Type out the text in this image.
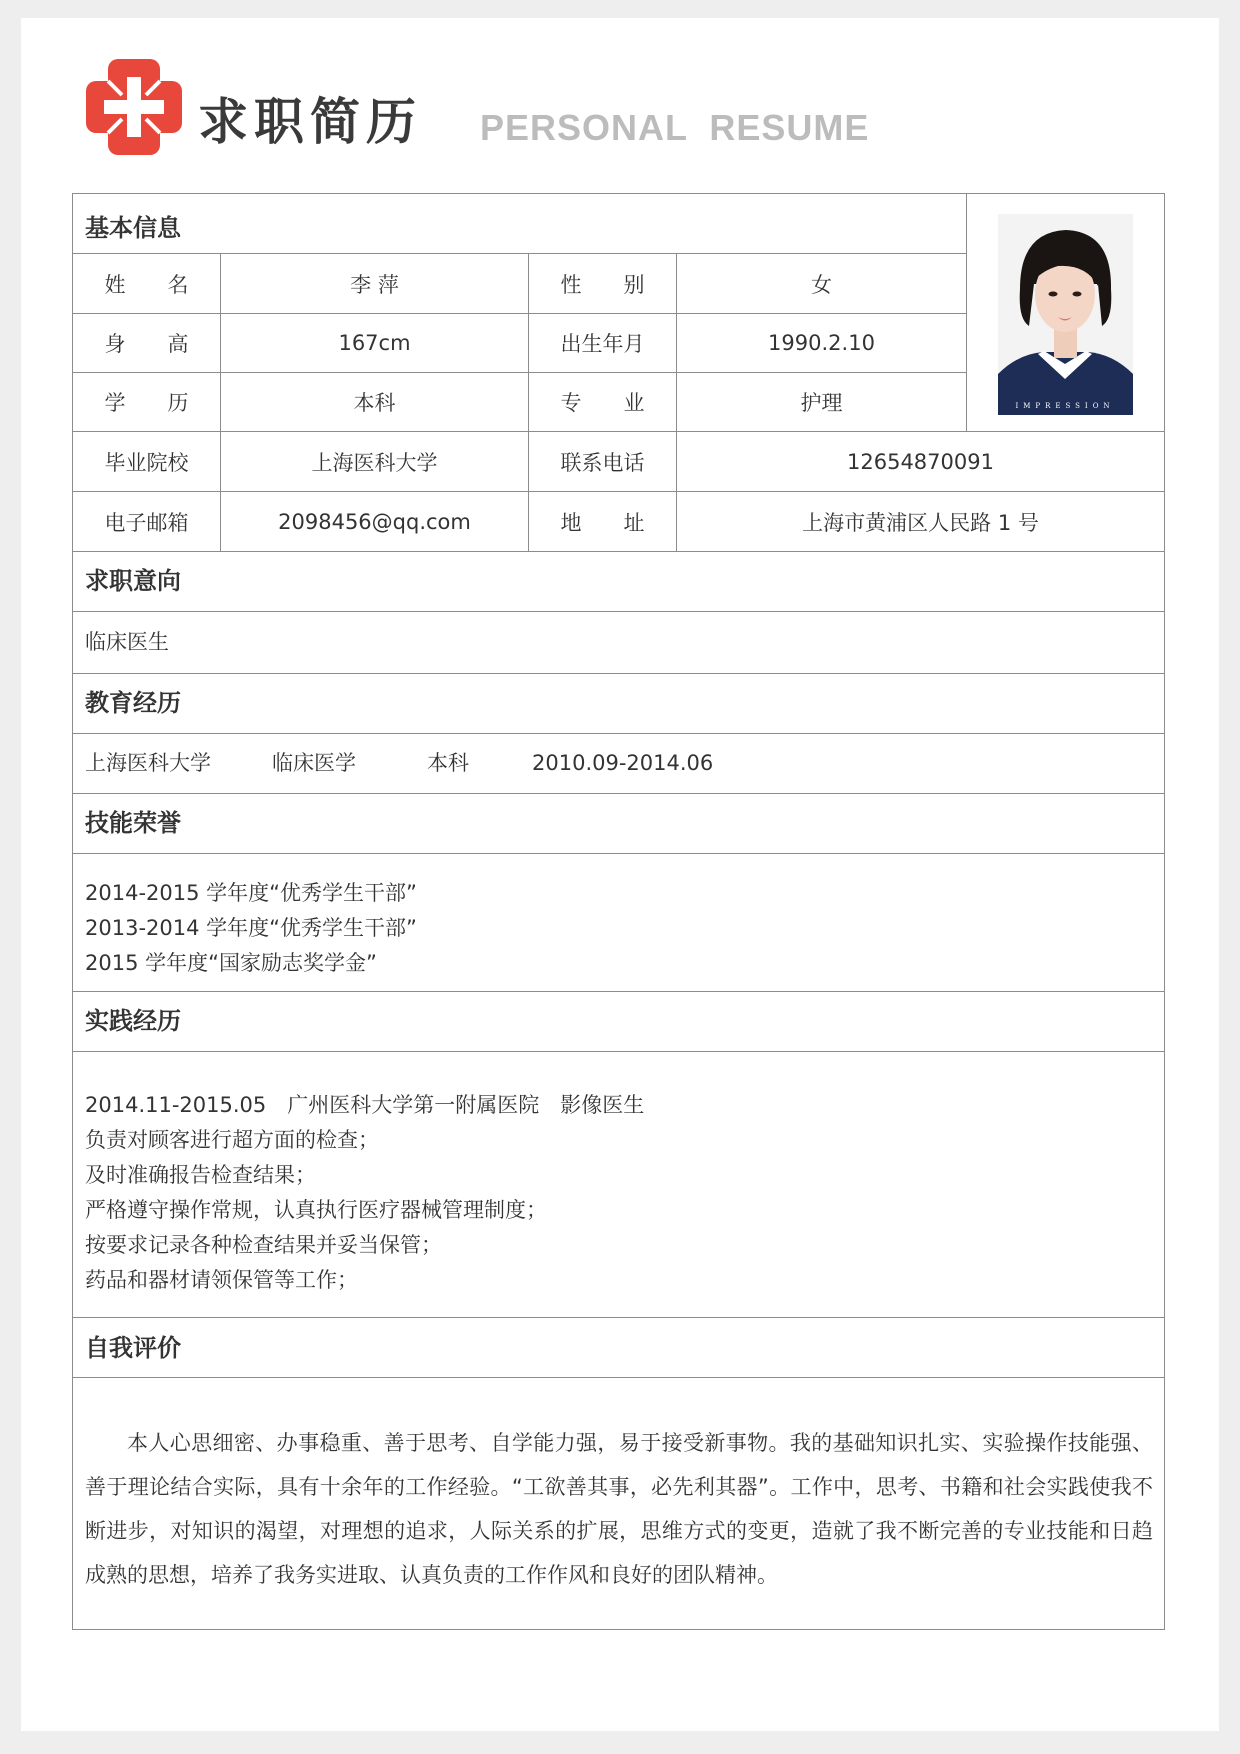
求职简历 PERSONAL  RESUME
基本信息
姓　　名	李 萍	性　　别	女
身　　高	167cm	出生年月	1990.2.10
学　　历	本科	专　　业	护理
毕业院校	上海医科大学	联系电话	12654870091
电子邮箱	2098456@qq.com	地　　址	上海市黄浦区人民路 1 号
IMPRESSION
求职意向
临床医生
教育经历
上海医科大学	临床医学	本科	2010.09-2014.06
技能荣誉
2014-2015 学年度“优秀学生干部”
2013-2014 学年度“优秀学生干部”
2015 学年度“国家励志奖学金”
实践经历
2014.11-2015.05　广州医科大学第一附属医院　影像医生
负责对顾客进行超方面的检查；
及时准确报告检查结果；
严格遵守操作常规，认真执行医疗器械管理制度；
按要求记录各种检查结果并妥当保管；
药品和器材请领保管等工作；
自我评价
本人心思细密、办事稳重、善于思考、自学能力强，易于接受新事物。我的基础知识扎实、实验操作技能强、善于理论结合实际，具有十余年的工作经验。“工欲善其事，必先利其器”。工作中，思考、书籍和社会实践使我不断进步，对知识的渴望，对理想的追求，人际关系的扩展，思维方式的变更，造就了我不断完善的专业技能和日趋成熟的思想，培养了我务实进取、认真负责的工作作风和良好的团队精神。
